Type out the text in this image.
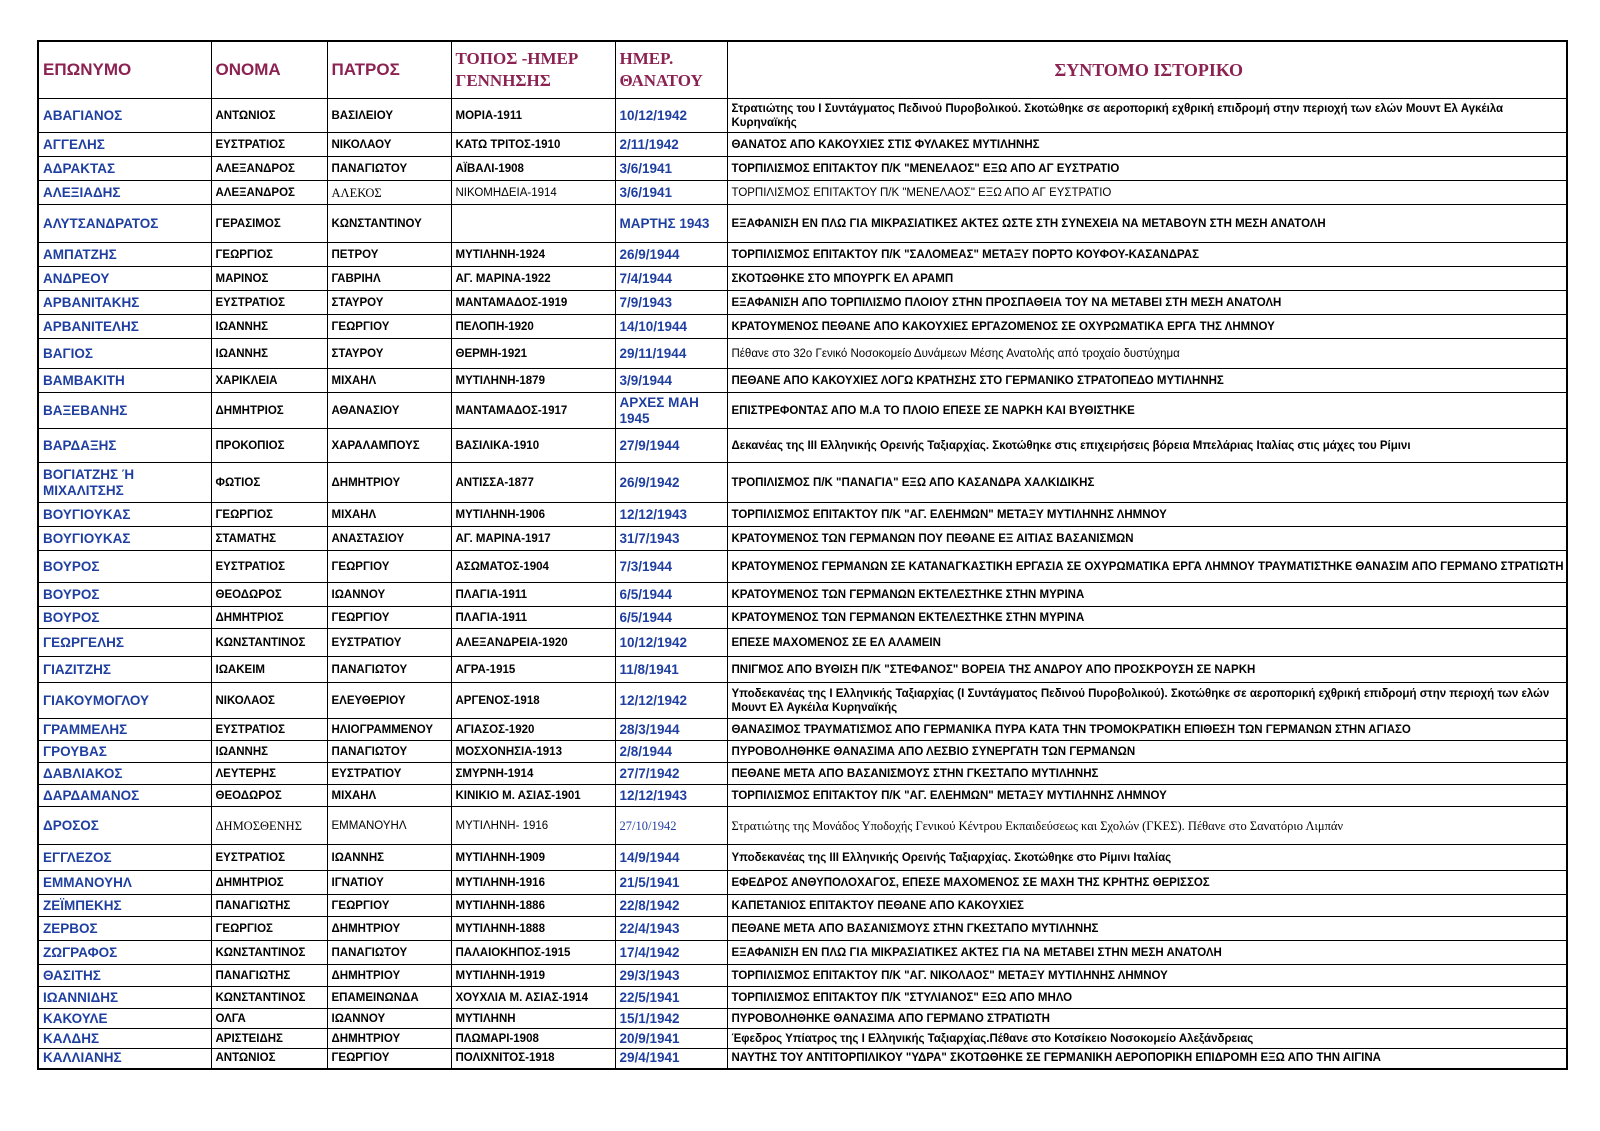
ΕΠΩΝΥΜΟ	ΟΝΟΜΑ	ΠΑΤΡΟΣ	ΤΟΠΟΣ -ΗΜΕΡ ΓΕΝΝΗΣΗΣ	ΗΜΕΡ. ΘΑΝΑΤΟΥ	ΣΥΝΤΟΜΟ ΙΣΤΟΡΙΚΟ
ΑΒΑΓΙΑΝΟΣ	ΑΝΤΩΝΙΟΣ	ΒΑΣΙΛΕΙΟΥ	ΜΟΡΙΑ-1911	10/12/1942	Στρατιώτης του Ι Συντάγματος Πεδινού Πυροβολικού. Σκοτώθηκε σε αεροπορική εχθρική επιδρομή στην περιοχή των ελών Μουντ Ελ Αγκέιλα Κυρηναϊκής
ΑΓΓΕΛΗΣ	ΕΥΣΤΡΑΤΙΟΣ	ΝΙΚΟΛΑΟΥ	ΚΑΤΩ ΤΡΙΤΟΣ-1910	2/11/1942	ΘΑΝΑΤΟΣ ΑΠΟ ΚΑΚΟΥΧΙΕΣ ΣΤΙΣ ΦΥΛΑΚΕΣ ΜΥΤΙΛΗΝΗΣ
ΑΔΡΑΚΤΑΣ	ΑΛΕΞΑΝΔΡΟΣ	ΠΑΝΑΓΙΩΤΟΥ	ΑΪΒΑΛΙ-1908	3/6/1941	ΤΟΡΠΙΛΙΣΜΟΣ ΕΠΙΤΑΚΤΟΥ Π/Κ "ΜΕΝΕΛΑΟΣ" ΕΞΩ ΑΠΟ ΑΓ ΕΥΣΤΡΑΤΙΟ
ΑΛΕΞΙΑΔΗΣ	ΑΛΕΞΑΝΔΡΟΣ	ΑΛΕΚΟΣ	ΝΙΚΟΜΗΔΕΙΑ-1914	3/6/1941	ΤΟΡΠΙΛΙΣΜΟΣ ΕΠΙΤΑΚΤΟΥ Π/Κ "ΜΕΝΕΛΑΟΣ" ΕΞΩ ΑΠΟ ΑΓ ΕΥΣΤΡΑΤΙΟ
ΑΛΥΤΣΑΝΔΡΑΤΟΣ	ΓΕΡΑΣΙΜΟΣ	ΚΩΝΣΤΑΝΤΙΝΟΥ		ΜΑΡΤΗΣ 1943	ΕΞΑΦΑΝΙΣΗ ΕΝ ΠΛΩ ΓΙΑ ΜΙΚΡΑΣΙΑΤΙΚΕΣ ΑΚΤΕΣ ΩΣΤΕ ΣΤΗ ΣΥΝΕΧΕΙΑ ΝΑ ΜΕΤΑΒΟΥΝ ΣΤΗ ΜΕΣΗ ΑΝΑΤΟΛΗ
ΑΜΠΑΤΖΗΣ	ΓΕΩΡΓΙΟΣ	ΠΕΤΡΟΥ	ΜΥΤΙΛΗΝΗ-1924	26/9/1944	ΤΟΡΠΙΛΙΣΜΟΣ ΕΠΙΤΑΚΤΟΥ Π/Κ "ΣΑΛΟΜΕΑΣ" ΜΕΤΑΞΥ ΠΟΡΤΟ ΚΟΥΦΟΥ-ΚΑΣΑΝΔΡΑΣ
ΑΝΔΡΕΟΥ	ΜΑΡΙΝΟΣ	ΓΑΒΡΙΗΛ	ΑΓ. ΜΑΡΙΝΑ-1922	7/4/1944	ΣΚΟΤΩΘΗΚΕ ΣΤΟ ΜΠΟΥΡΓΚ ΕΛ ΑΡΑΜΠ
ΑΡΒΑΝΙΤΑΚΗΣ	ΕΥΣΤΡΑΤΙΟΣ	ΣΤΑΥΡΟΥ	ΜΑΝΤΑΜΑΔΟΣ-1919	7/9/1943	ΕΞΑΦΑΝΙΣΗ ΑΠΟ ΤΟΡΠΙΛΙΣΜΟ ΠΛΟΙΟΥ ΣΤΗΝ ΠΡΟΣΠΑΘΕΙΑ ΤΟΥ ΝΑ ΜΕΤΑΒΕΙ ΣΤΗ ΜΕΣΗ ΑΝΑΤΟΛΗ
ΑΡΒΑΝΙΤΕΛΗΣ	ΙΩΑΝΝΗΣ	ΓΕΩΡΓΙΟΥ	ΠΕΛΟΠΗ-1920	14/10/1944	ΚΡΑΤΟΥΜΕΝΟΣ ΠΕΘΑΝΕ ΑΠΟ ΚΑΚΟΥΧΙΕΣ ΕΡΓΑΖΟΜΕΝΟΣ ΣΕ ΟΧΥΡΩΜΑΤΙΚΑ ΕΡΓΑ ΤΗΣ ΛΗΜΝΟΥ
ΒΑΓΙΟΣ	ΙΩΑΝΝΗΣ	ΣΤΑΥΡΟΥ	ΘΕΡΜΗ-1921	29/11/1944	Πέθανε στο 32ο Γενικό Νοσοκομείο Δυνάμεων Μέσης Ανατολής από τροχαίο δυστύχημα
ΒΑΜΒΑΚΙΤΗ	ΧΑΡΙΚΛΕΙΑ	ΜΙΧΑΗΛ	ΜΥΤΙΛΗΝΗ-1879	3/9/1944	ΠΕΘΑΝΕ ΑΠΟ ΚΑΚΟΥΧΙΕΣ ΛΟΓΩ ΚΡΑΤΗΣΗΣ ΣΤΟ ΓΕΡΜΑΝΙΚΟ ΣΤΡΑΤΟΠΕΔΟ ΜΥΤΙΛΗΝΗΣ
ΒΑΞΕΒΑΝΗΣ	ΔΗΜΗΤΡΙΟΣ	ΑΘΑΝΑΣΙΟΥ	ΜΑΝΤΑΜΑΔΟΣ-1917	ΑΡΧΕΣ ΜΑΗ 1945	ΕΠΙΣΤΡΕΦΟΝΤΑΣ ΑΠΟ Μ.Α ΤΟ ΠΛΟΙΟ ΕΠΕΣΕ ΣΕ ΝΑΡΚΗ ΚΑΙ ΒΥΘΙΣΤΗΚΕ
ΒΑΡΔΑΞΗΣ	ΠΡΟΚΟΠΙΟΣ	ΧΑΡΑΛΑΜΠΟΥΣ	ΒΑΣΙΛΙΚΑ-1910	27/9/1944	Δεκανέας της ΙΙΙ Ελληνικής Ορεινής Ταξιαρχίας. Σκοτώθηκε στις επιχειρήσεις βόρεια Μπελάριας Ιταλίας στις μάχες του Ρίμινι
ΒΟΓΙΑΤΖΗΣ Ή ΜΙΧΑΛΙΤΣΗΣ	ΦΩΤΙΟΣ	ΔΗΜΗΤΡΙΟΥ	ΑΝΤΙΣΣΑ-1877	26/9/1942	ΤΡΟΠΙΛΙΣΜΟΣ Π/Κ "ΠΑΝΑΓΙΑ" ΕΞΩ ΑΠΟ ΚΑΣΑΝΔΡΑ ΧΑΛΚΙΔΙΚΗΣ
ΒΟΥΓΙΟΥΚΑΣ	ΓΕΩΡΓΙΟΣ	ΜΙΧΑΗΛ	ΜΥΤΙΛΗΝΗ-1906	12/12/1943	ΤΟΡΠΙΛΙΣΜΟΣ ΕΠΙΤΑΚΤΟΥ Π/Κ "ΑΓ. ΕΛΕΗΜΩΝ" ΜΕΤΑΞΥ ΜΥΤΙΛΗΝΗΣ ΛΗΜΝΟΥ
ΒΟΥΓΙΟΥΚΑΣ	ΣΤΑΜΑΤΗΣ	ΑΝΑΣΤΑΣΙΟΥ	ΑΓ. ΜΑΡΙΝΑ-1917	31/7/1943	ΚΡΑΤΟΥΜΕΝΟΣ ΤΩΝ ΓΕΡΜΑΝΩΝ ΠΟΥ ΠΕΘΑΝΕ ΕΞ ΑΙΤΙΑΣ ΒΑΣΑΝΙΣΜΩΝ
ΒΟΥΡΟΣ	ΕΥΣΤΡΑΤΙΟΣ	ΓΕΩΡΓΙΟΥ	ΑΣΩΜΑΤΟΣ-1904	7/3/1944	ΚΡΑΤΟΥΜΕΝΟΣ ΓΕΡΜΑΝΩΝ ΣΕ ΚΑΤΑΝΑΓΚΑΣΤΙΚΗ ΕΡΓΑΣΙΑ ΣΕ ΟΧΥΡΩΜΑΤΙΚΑ ΕΡΓΑ ΛΗΜΝΟΥ ΤΡΑΥΜΑΤΙΣΤΗΚΕ ΘΑΝΑΣΙΜ ΑΠΟ ΓΕΡΜΑΝΟ ΣΤΡΑΤΙΩΤΗ
ΒΟΥΡΟΣ	ΘΕΟΔΩΡΟΣ	ΙΩΑΝΝΟΥ	ΠΛΑΓΙΑ-1911	6/5/1944	ΚΡΑΤΟΥΜΕΝΟΣ ΤΩΝ ΓΕΡΜΑΝΩΝ ΕΚΤΕΛΕΣΤΗΚΕ ΣΤΗΝ ΜΥΡΙΝΑ
ΒΟΥΡΟΣ	ΔΗΜΗΤΡΙΟΣ	ΓΕΩΡΓΙΟΥ	ΠΛΑΓΙΑ-1911	6/5/1944	ΚΡΑΤΟΥΜΕΝΟΣ ΤΩΝ ΓΕΡΜΑΝΩΝ ΕΚΤΕΛΕΣΤΗΚΕ ΣΤΗΝ ΜΥΡΙΝΑ
ΓΕΩΡΓΕΛΗΣ	ΚΩΝΣΤΑΝΤΙΝΟΣ	ΕΥΣΤΡΑΤΙΟΥ	ΑΛΕΞΑΝΔΡΕΙΑ-1920	10/12/1942	ΕΠΕΣΕ ΜΑΧΟΜΕΝΟΣ ΣΕ ΕΛ ΑΛΑΜΕΙΝ
ΓΙΑΖΙΤΖΗΣ	ΙΩΑΚΕΙΜ	ΠΑΝΑΓΙΩΤΟΥ	ΑΓΡΑ-1915	11/8/1941	ΠΝΙΓΜΟΣ ΑΠΟ ΒΥΘΙΣΗ Π/Κ "ΣΤΕΦΑΝΟΣ" ΒΟΡΕΙΑ ΤΗΣ ΑΝΔΡΟΥ ΑΠΟ ΠΡΟΣΚΡΟΥΣΗ ΣΕ ΝΑΡΚΗ
ΓΙΑΚΟΥΜΟΓΛΟΥ	ΝΙΚΟΛΑΟΣ	ΕΛΕΥΘΕΡΙΟΥ	ΑΡΓΕΝΟΣ-1918	12/12/1942	Υποδεκανέας της Ι Ελληνικής Ταξιαρχίας (Ι Συντάγματος Πεδινού Πυροβολικού). Σκοτώθηκε σε αεροπορική εχθρική επιδρομή στην περιοχή των ελών Μουντ Ελ Αγκέιλα Κυρηναϊκής
ΓΡΑΜΜΕΛΗΣ	ΕΥΣΤΡΑΤΙΟΣ	ΗΛΙΟΓΡΑΜΜΕΝΟΥ	ΑΓΙΑΣΟΣ-1920	28/3/1944	ΘΑΝΑΣΙΜΟΣ ΤΡΑΥΜΑΤΙΣΜΟΣ ΑΠΟ ΓΕΡΜΑΝΙΚΑ ΠΥΡΑ ΚΑΤΑ ΤΗΝ ΤΡΟΜΟΚΡΑΤΙΚΗ ΕΠΙΘΕΣΗ ΤΩΝ ΓΕΡΜΑΝΩΝ ΣΤΗΝ ΑΓΙΑΣΟ
ΓΡΟΥΒΑΣ	ΙΩΑΝΝΗΣ	ΠΑΝΑΓΙΩΤΟΥ	ΜΟΣΧΟΝΗΣΙΑ-1913	2/8/1944	ΠΥΡΟΒΟΛΗΘΗΚΕ ΘΑΝΑΣΙΜΑ ΑΠΟ ΛΕΣΒΙΟ ΣΥΝΕΡΓΑΤΗ ΤΩΝ ΓΕΡΜΑΝΩΝ
ΔΑΒΛΙΑΚΟΣ	ΛΕΥΤΕΡΗΣ	ΕΥΣΤΡΑΤΙΟΥ	ΣΜΥΡΝΗ-1914	27/7/1942	ΠΕΘΑΝΕ ΜΕΤΑ ΑΠΟ ΒΑΣΑΝΙΣΜΟΥΣ ΣΤΗΝ ΓΚΕΣΤΑΠΟ ΜΥΤΙΛΗΝΗΣ
ΔΑΡΔΑΜΑΝΟΣ	ΘΕΟΔΩΡΟΣ	ΜΙΧΑΗΛ	ΚΙΝΙΚΙΟ Μ. ΑΣΙΑΣ-1901	12/12/1943	ΤΟΡΠΙΛΙΣΜΟΣ ΕΠΙΤΑΚΤΟΥ Π/Κ "ΑΓ. ΕΛΕΗΜΩΝ" ΜΕΤΑΞΥ ΜΥΤΙΛΗΝΗΣ ΛΗΜΝΟΥ
ΔΡΟΣΟΣ	ΔΗΜΟΣΘΕΝΗΣ	ΕΜΜΑΝΟΥΗΛ	ΜΥΤΙΛΗΝΗ- 1916	27/10/1942	Στρατιώτης της Μονάδος Υποδοχής Γενικού Κέντρου Εκπαιδεύσεως και Σχολών (ΓΚΕΣ). Πέθανε στο Σανατόριο Λιμπάν
ΕΓΓΛΕΖΟΣ	ΕΥΣΤΡΑΤΙΟΣ	ΙΩΑΝΝΗΣ	ΜΥΤΙΛΗΝΗ-1909	14/9/1944	Υποδεκανέας της ΙΙΙ Ελληνικής Ορεινής Ταξιαρχίας. Σκοτώθηκε στο Ρίμινι Ιταλίας
ΕΜΜΑΝΟΥΗΛ	ΔΗΜΗΤΡΙΟΣ	ΙΓΝΑΤΙΟΥ	ΜΥΤΙΛΗΝΗ-1916	21/5/1941	ΕΦΕΔΡΟΣ ΑΝΘΥΠΟΛΟΧΑΓΟΣ, ΕΠΕΣΕ ΜΑΧΟΜΕΝΟΣ ΣΕ ΜΑΧΗ ΤΗΣ ΚΡΗΤΗΣ ΘΕΡΙΣΣΟΣ
ΖΕΪΜΠΕΚΗΣ	ΠΑΝΑΓΙΩΤΗΣ	ΓΕΩΡΓΙΟΥ	ΜΥΤΙΛΗΝΗ-1886	22/8/1942	ΚΑΠΕΤΑΝΙΟΣ ΕΠΙΤΑΚΤΟΥ ΠΕΘΑΝΕ ΑΠΟ ΚΑΚΟΥΧΙΕΣ
ΖΕΡΒΟΣ	ΓΕΩΡΓΙΟΣ	ΔΗΜΗΤΡΙΟΥ	ΜΥΤΙΛΗΝΗ-1888	22/4/1943	ΠΕΘΑΝΕ ΜΕΤΑ ΑΠΟ ΒΑΣΑΝΙΣΜΟΥΣ ΣΤΗΝ ΓΚΕΣΤΑΠΟ ΜΥΤΙΛΗΝΗΣ
ΖΩΓΡΑΦΟΣ	ΚΩΝΣΤΑΝΤΙΝΟΣ	ΠΑΝΑΓΙΩΤΟΥ	ΠΑΛΑΙΟΚΗΠΟΣ-1915	17/4/1942	ΕΞΑΦΑΝΙΣΗ ΕΝ ΠΛΩ ΓΙΑ ΜΙΚΡΑΣΙΑΤΙΚΕΣ ΑΚΤΕΣ ΓΙΑ ΝΑ ΜΕΤΑΒΕΙ ΣΤΗΝ ΜΕΣΗ ΑΝΑΤΟΛΗ
ΘΑΣΙΤΗΣ	ΠΑΝΑΓΙΩΤΗΣ	ΔΗΜΗΤΡΙΟΥ	ΜΥΤΙΛΗΝΗ-1919	29/3/1943	ΤΟΡΠΙΛΙΣΜΟΣ ΕΠΙΤΑΚΤΟΥ Π/Κ "ΑΓ. ΝΙΚΟΛΑΟΣ" ΜΕΤΑΞΥ ΜΥΤΙΛΗΝΗΣ ΛΗΜΝΟΥ
ΙΩΑΝΝΙΔΗΣ	ΚΩΝΣΤΑΝΤΙΝΟΣ	ΕΠΑΜΕΙΝΩΝΔΑ	ΧΟΥΧΛΙΑ Μ. ΑΣΙΑΣ-1914	22/5/1941	ΤΟΡΠΙΛΙΣΜΟΣ ΕΠΙΤΑΚΤΟΥ Π/Κ "ΣΤΥΛΙΑΝΟΣ" ΕΞΩ ΑΠΟ ΜΗΛΟ
ΚΑΚΟΥΛΕ	ΟΛΓΑ	ΙΩΑΝΝΟΥ	ΜΥΤΙΛΗΝΗ	15/1/1942	ΠΥΡΟΒΟΛΗΘΗΚΕ ΘΑΝΑΣΙΜΑ ΑΠΟ ΓΕΡΜΑΝΟ ΣΤΡΑΤΙΩΤΗ
ΚΑΛΔΗΣ	ΑΡΙΣΤΕΙΔΗΣ	ΔΗΜΗΤΡΙΟΥ	ΠΛΩΜΑΡΙ-1908	20/9/1941	Έφεδρος Υπίατρος της Ι Ελληνικής Ταξιαρχίας.Πέθανε στο Κοτσίκειο Νοσοκομείο Αλεξάνδρειας
ΚΑΛΛΙΑΝΗΣ	ΑΝΤΩΝΙΟΣ	ΓΕΩΡΓΙΟΥ	ΠΟΛΙΧΝΙΤΟΣ-1918	29/4/1941	ΝΑΥΤΗΣ ΤΟΥ ΑΝΤΙΤΟΡΠΙΛΙΚΟΥ "ΥΔΡΑ" ΣΚΟΤΩΘΗΚΕ ΣΕ ΓΕΡΜΑΝΙΚΗ ΑΕΡΟΠΟΡΙΚΗ ΕΠΙΔΡΟΜΗ ΕΞΩ ΑΠΟ ΤΗΝ ΑΙΓΙΝΑ
